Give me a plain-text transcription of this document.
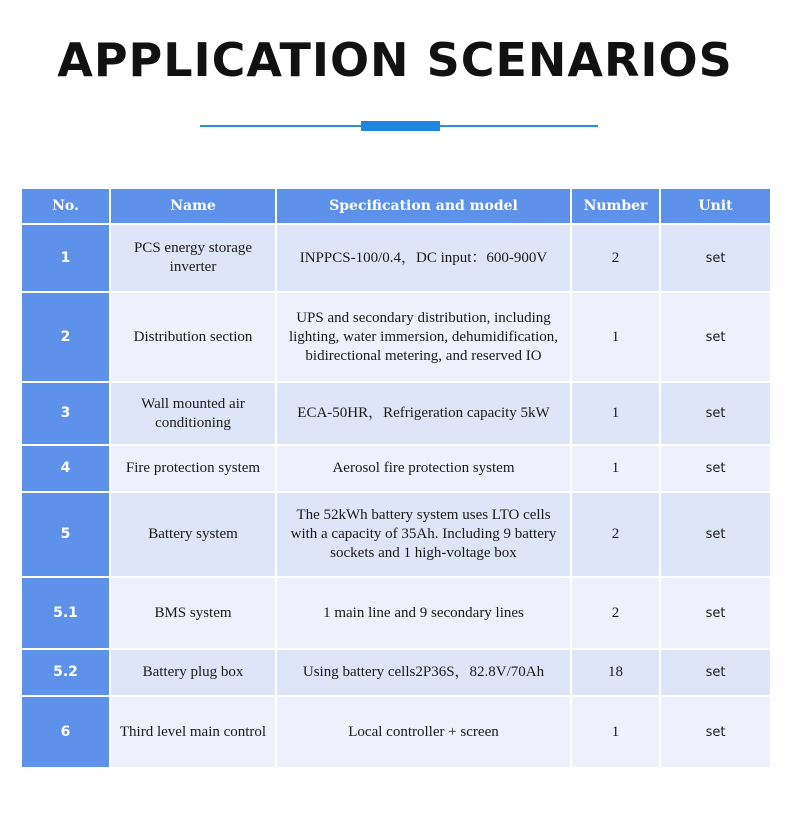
APPLICATION SCENARIOS
No.	Name	Specification and model	Number	Unit
1	PCS energy storage inverter	INPPCS-100/0.4，DC input：600-900V	2	set
2	Distribution section	UPS and secondary distribution, including lighting, water immersion, dehumidification, bidirectional metering, and reserved IO	1	set
3	Wall mounted air conditioning	ECA-50HR，Refrigeration capacity 5kW	1	set
4	Fire protection system	Aerosol fire protection system	1	set
5	Battery system	The 52kWh battery system uses LTO cells with a capacity of 35Ah. Including 9 battery sockets and 1 high-voltage box	2	set
5.1	BMS system	1 main line and 9 secondary lines	2	set
5.2	Battery plug box	Using battery cells2P36S，82.8V/70Ah	18	set
6	Third level main control	Local controller + screen	1	set
